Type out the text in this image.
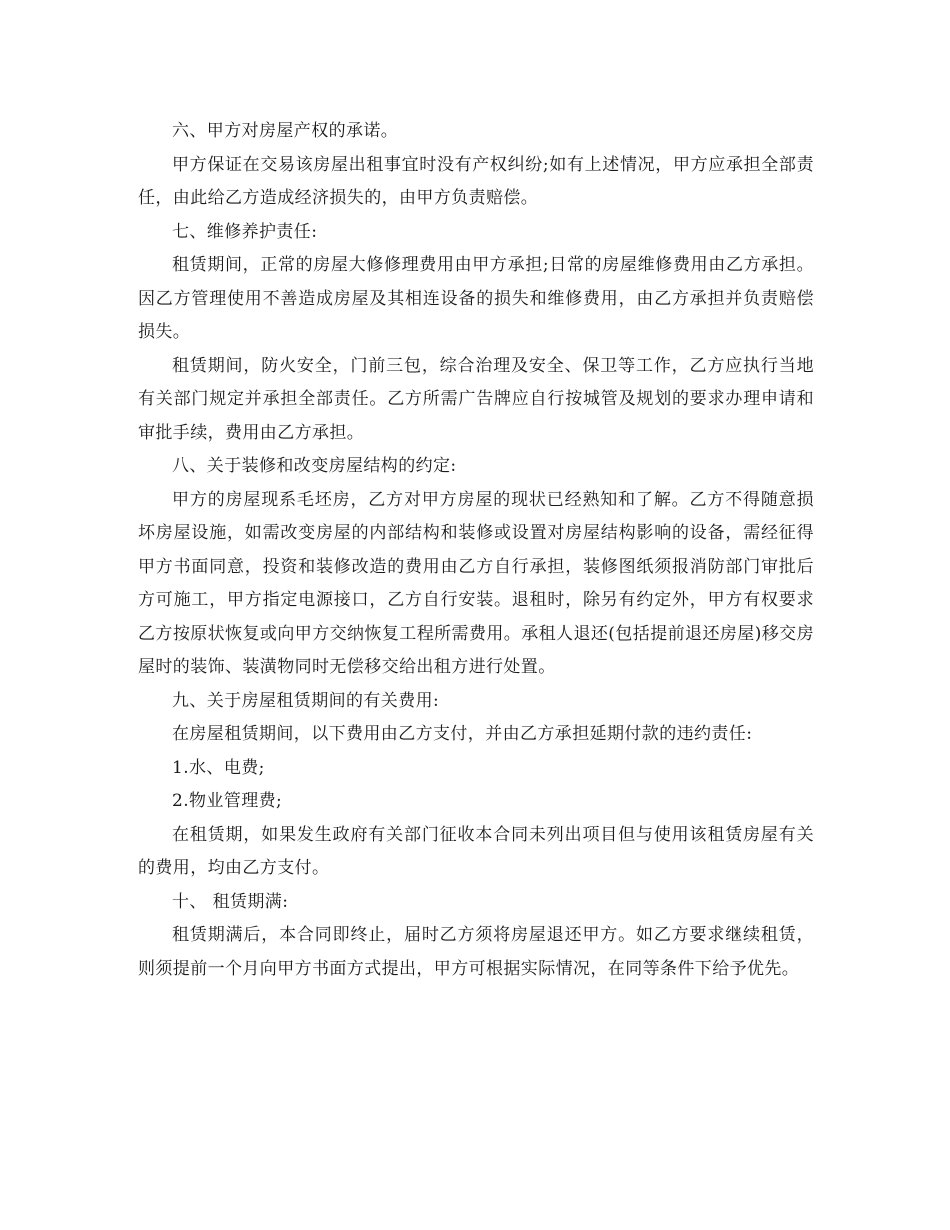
六、甲方对房屋产权的承诺。

甲方保证在交易该房屋出租事宜时没有产权纠纷;如有上述情况，甲方应承担全部责任，由此给乙方造成经济损失的，由甲方负责赔偿。

七、维修养护责任:

租赁期间，正常的房屋大修修理费用由甲方承担;日常的房屋维修费用由乙方承担。 因乙方管理使用不善造成房屋及其相连设备的损失和维修费用，由乙方承担并负责赔偿损失。

租赁期间，防火安全，门前三包，综合治理及安全、保卫等工作，乙方应执行当地有关部门规定并承担全部责任。乙方所需广告牌应自行按城管及规划的要求办理申请和审批手续，费用由乙方承担。

八、关于装修和改变房屋结构的约定:

甲方的房屋现系毛坯房，乙方对甲方房屋的现状已经熟知和了解。乙方不得随意损坏房屋设施，如需改变房屋的内部结构和装修或设置对房屋结构影响的设备，需经征得甲方书面同意，投资和装修改造的费用由乙方自行承担，装修图纸须报消防部门审批后方可施工，甲方指定电源接口，乙方自行安装。退租时，除另有约定外，甲方有权要求乙方按原状恢复或向甲方交纳恢复工程所需费用。承租人退还(包括提前退还房屋)移交房屋时的装饰、装潢物同时无偿移交给出租方进行处置。

九、关于房屋租赁期间的有关费用:

在房屋租赁期间，以下费用由乙方支付，并由乙方承担延期付款的违约责任:

1.水、电费;

2.物业管理费;

在租赁期，如果发生政府有关部门征收本合同未列出项目但与使用该租赁房屋有关的费用，均由乙方支付。

十、 租赁期满:

租赁期满后，本合同即终止，届时乙方须将房屋退还甲方。如乙方要求继续租赁，则须提前一个月向甲方书面方式提出，甲方可根据实际情况，在同等条件下给予优先。
